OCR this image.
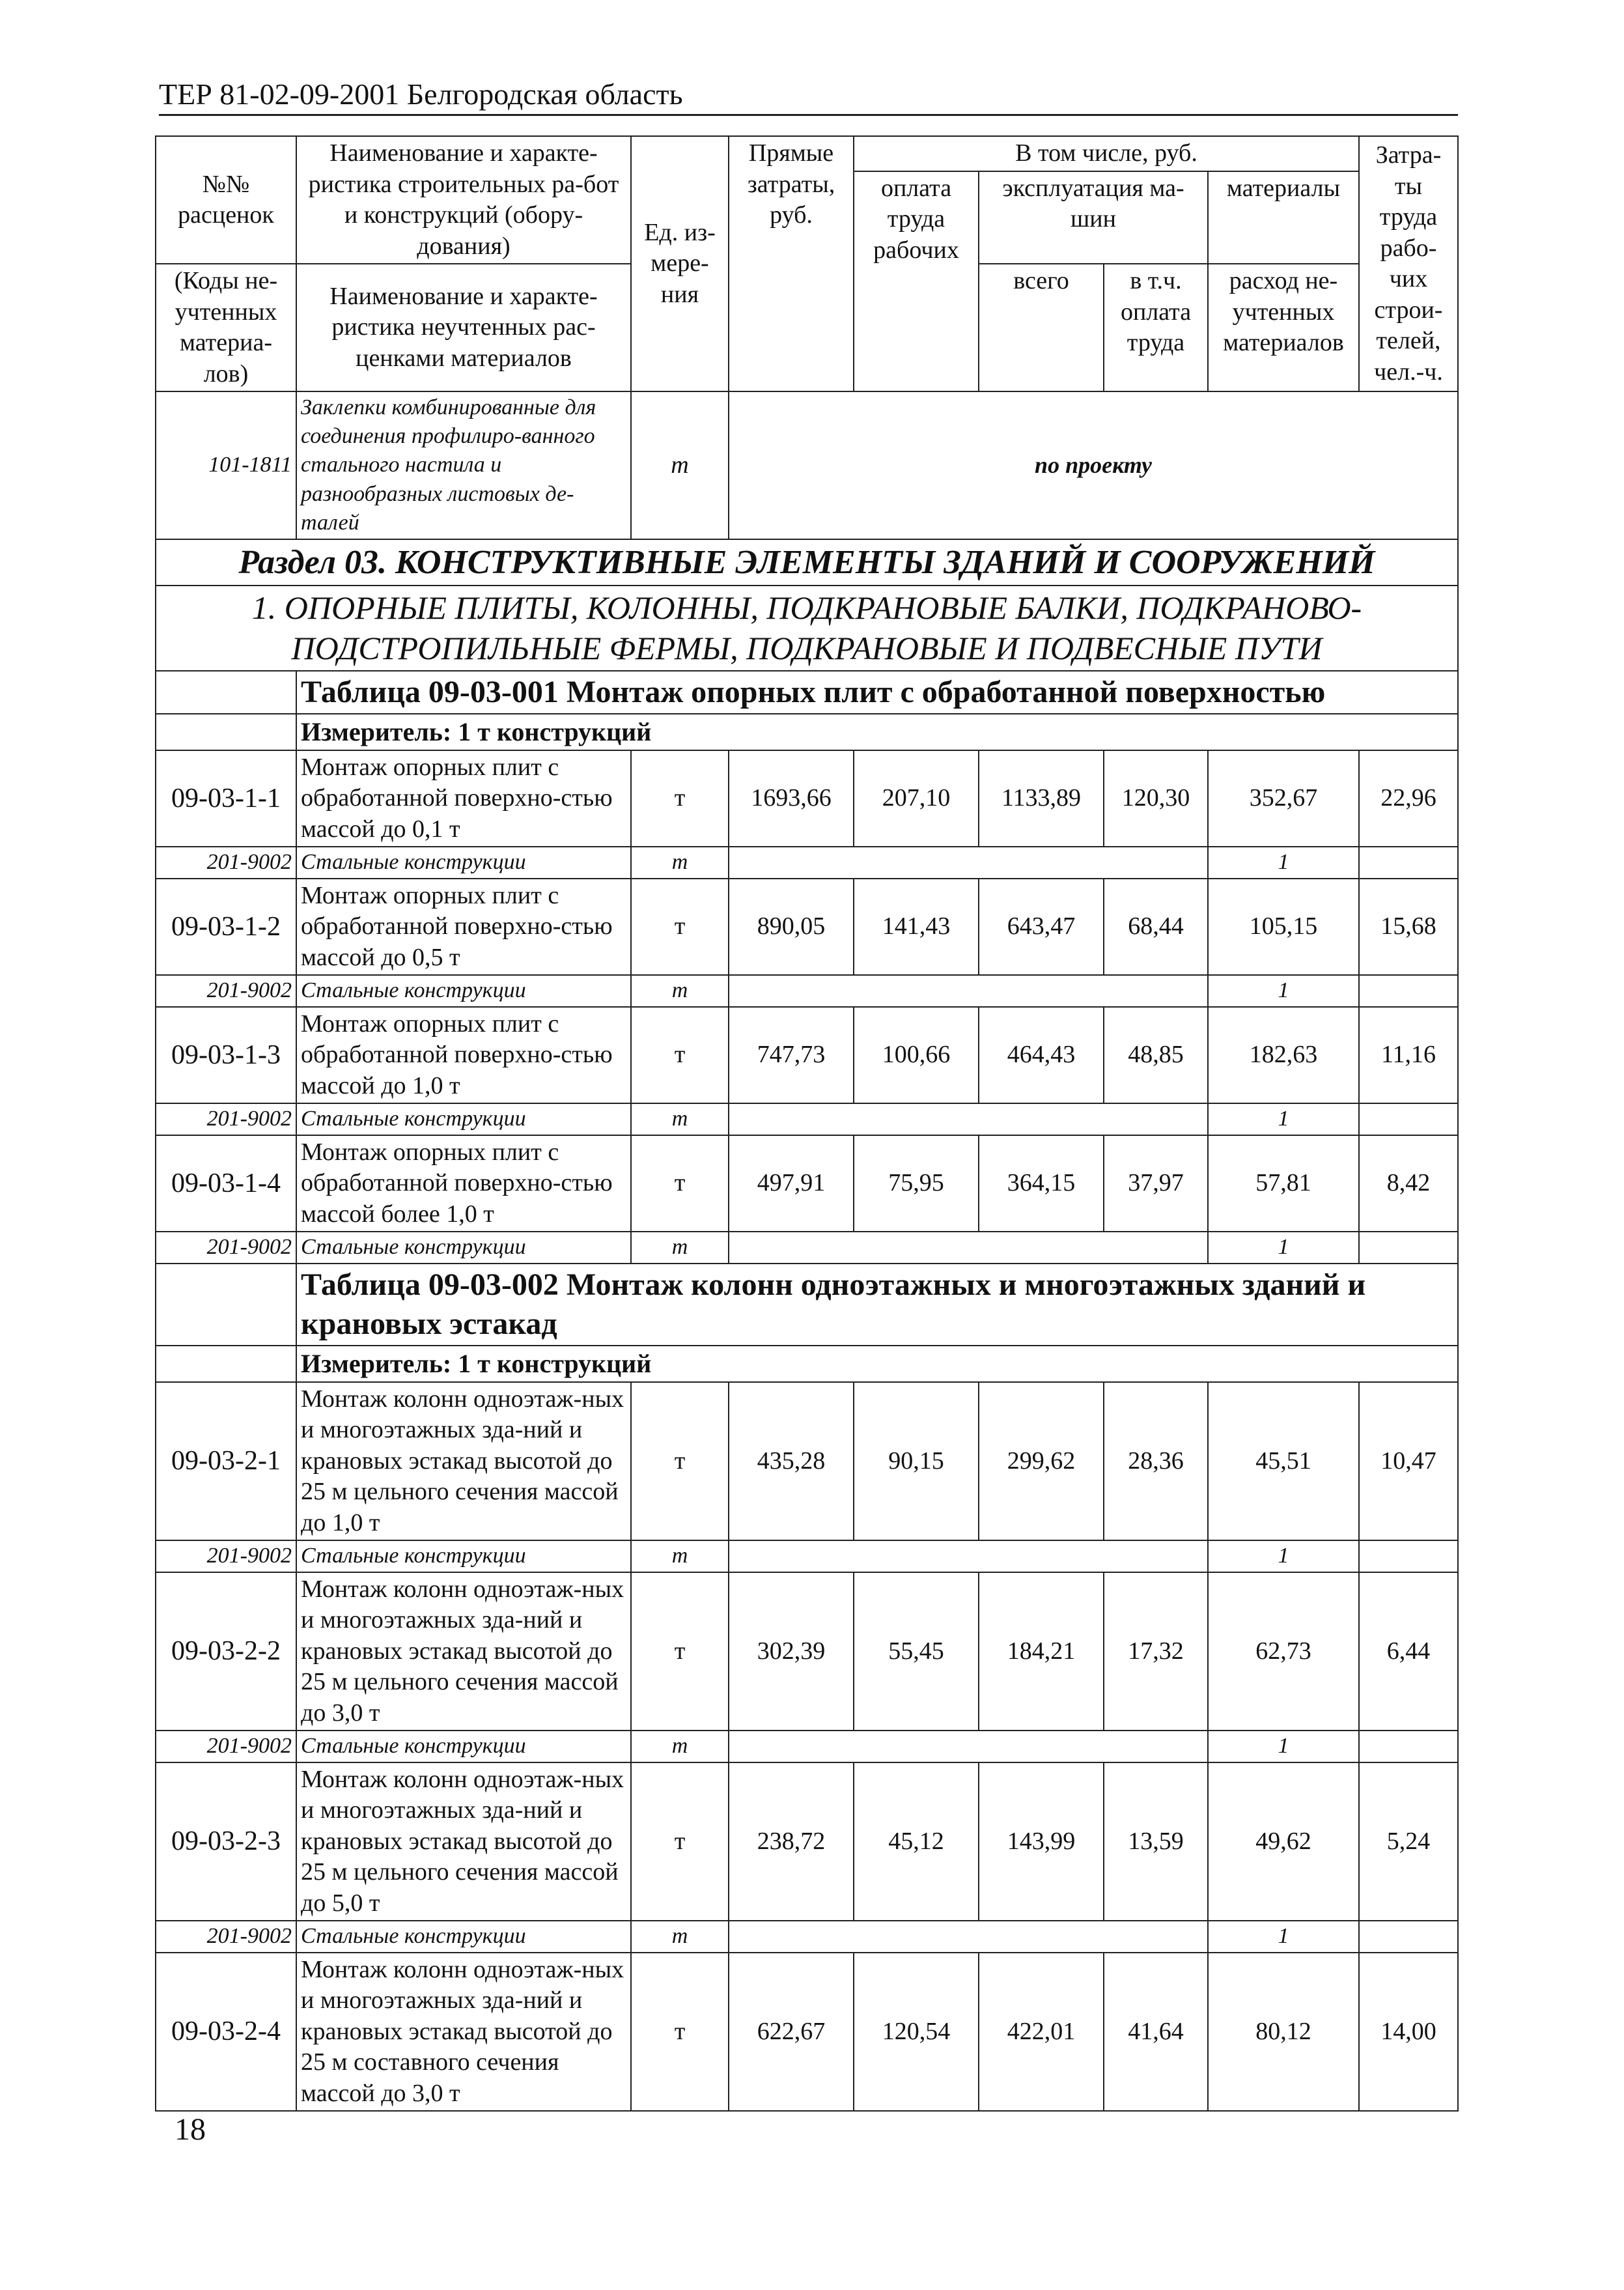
ТЕР 81-02-09-2001 Белгородская область
№№ расценок	Наименование и характе-ристика строительных ра-бот и конструкций (обору-дования)	Ед. из-мере-ния	Прямые затраты, руб.	В том числе, руб.				Затра-ты труда рабо-чих строи-телей, чел.-ч.
				оплата труда рабочих	эксплуатация ма-шин		материалы	
(Коды не-учтенных материа-лов)	Наименование и характе-ристика неучтенных рас-ценками материалов				всего	в т.ч. оплата труда	расход не-учтенных материалов	
101-1811	Заклепки комбинированные для соединения профилиро-ванного стального настила и разнообразных листовых де-талей	т	по проекту					
Раздел 03. КОНСТРУКТИВНЫЕ ЭЛЕМЕНТЫ ЗДАНИЙ И СООРУЖЕНИЙ								
1. ОПОРНЫЕ ПЛИТЫ, КОЛОННЫ, ПОДКРАНОВЫЕ БАЛКИ, ПОДКРАНОВО-ПОДСТРОПИЛЬНЫЕ ФЕРМЫ, ПОДКРАНОВЫЕ И ПОДВЕСНЫЕ ПУТИ								
	Таблица 09-03-001 Монтаж опорных плит с обработанной поверхностью							
	Измеритель: 1 т конструкций							
09-03-1-1	Монтаж опорных плит с обработанной поверхно-стью массой до 0,1 т	т	1693,66	207,10	1133,89	120,30	352,67	22,96
201-9002	Стальные конструкции	т					1	
09-03-1-2	Монтаж опорных плит с обработанной поверхно-стью массой до 0,5 т	т	890,05	141,43	643,47	68,44	105,15	15,68
201-9002	Стальные конструкции	т					1	
09-03-1-3	Монтаж опорных плит с обработанной поверхно-стью массой до 1,0 т	т	747,73	100,66	464,43	48,85	182,63	11,16
201-9002	Стальные конструкции	т					1	
09-03-1-4	Монтаж опорных плит с обработанной поверхно-стью массой более 1,0 т	т	497,91	75,95	364,15	37,97	57,81	8,42
201-9002	Стальные конструкции	т					1	
	Таблица 09-03-002 Монтаж колонн одноэтажных и многоэтажных зданий и крановых эстакад							
	Измеритель: 1 т конструкций							
09-03-2-1	Монтаж колонн одноэтаж-ных и многоэтажных зда-ний и крановых эстакад высотой до 25 м цельного сечения массой до 1,0 т	т	435,28	90,15	299,62	28,36	45,51	10,47
201-9002	Стальные конструкции	т					1	
09-03-2-2	Монтаж колонн одноэтаж-ных и многоэтажных зда-ний и крановых эстакад высотой до 25 м цельного сечения массой до 3,0 т	т	302,39	55,45	184,21	17,32	62,73	6,44
201-9002	Стальные конструкции	т					1	
09-03-2-3	Монтаж колонн одноэтаж-ных и многоэтажных зда-ний и крановых эстакад высотой до 25 м цельного сечения массой до 5,0 т	т	238,72	45,12	143,99	13,59	49,62	5,24
201-9002	Стальные конструкции	т					1	
09-03-2-4	Монтаж колонн одноэтаж-ных и многоэтажных зда-ний и крановых эстакад высотой до 25 м составного сечения массой до 3,0 т	т	622,67	120,54	422,01	41,64	80,12	14,00
18
